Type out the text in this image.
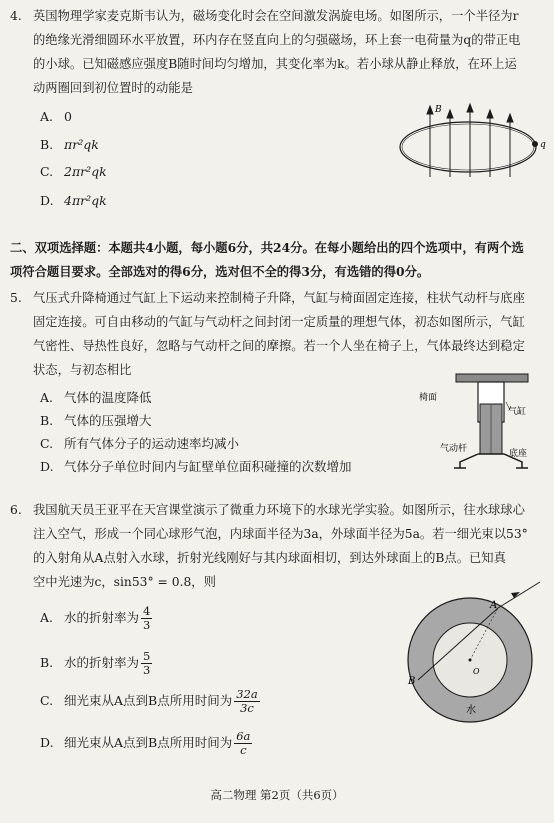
4. 英国物理学家麦克斯韦认为，磁场变化时会在空间激发涡旋电场。如图所示，一个半径为r
的绝缘光滑细圆环水平放置，环内存在竖直向上的匀强磁场，环上套一电荷量为q的带正电
的小球。已知磁感应强度B随时间均匀增加，其变化率为k。若小球从静止释放，在环上运
动两圈回到初位置时的动能是
A. 0
B. πr²qk
C. 2πr²qk
D. 4πr²qk
B
q
二、双项选择题：本题共4小题，每小题6分，共24分。在每小题给出的四个选项中，有两个选
项符合题目要求。全部选对的得6分，选对但不全的得3分，有选错的得0分。
5. 气压式升降椅通过气缸上下运动来控制椅子升降，气缸与椅面固定连接，柱状气动杆与底座
固定连接。可自由移动的气缸与气动杆之间封闭一定质量的理想气体，初态如图所示，气缸
气密性、导热性良好，忽略与气动杆之间的摩擦。若一个人坐在椅子上，气体最终达到稳定
状态，与初态相比
A. 气体的温度降低
B. 气体的压强增大
C. 所有气体分子的运动速率均减小
D. 气体分子单位时间内与缸壁单位面积碰撞的次数增加
椅面
气缸
气动杆	底座
6. 我国航天员王亚平在天宫课堂演示了微重力环境下的水球光学实验。如图所示，往水球球心
注入空气，形成一个同心球形气泡，内球面半径为3a，外球面半径为5a。若一细光束以53°
的入射角从A点射入水球，折射光线刚好与其内球面相切，到达外球面上的B点。已知真
空中光速为c，sin53° = 0.8，则
A. 水的折射率为 $\frac{4}{3}$
B. 水的折射率为 $\frac{5}{3}$
C. 细光束从A点到B点所用时间为 $\frac{32a}{3c}$
D. 细光束从A点到B点所用时间为 $\frac{6a}{c}$
A
B
O
水
高二物理 第2页（共6页）
